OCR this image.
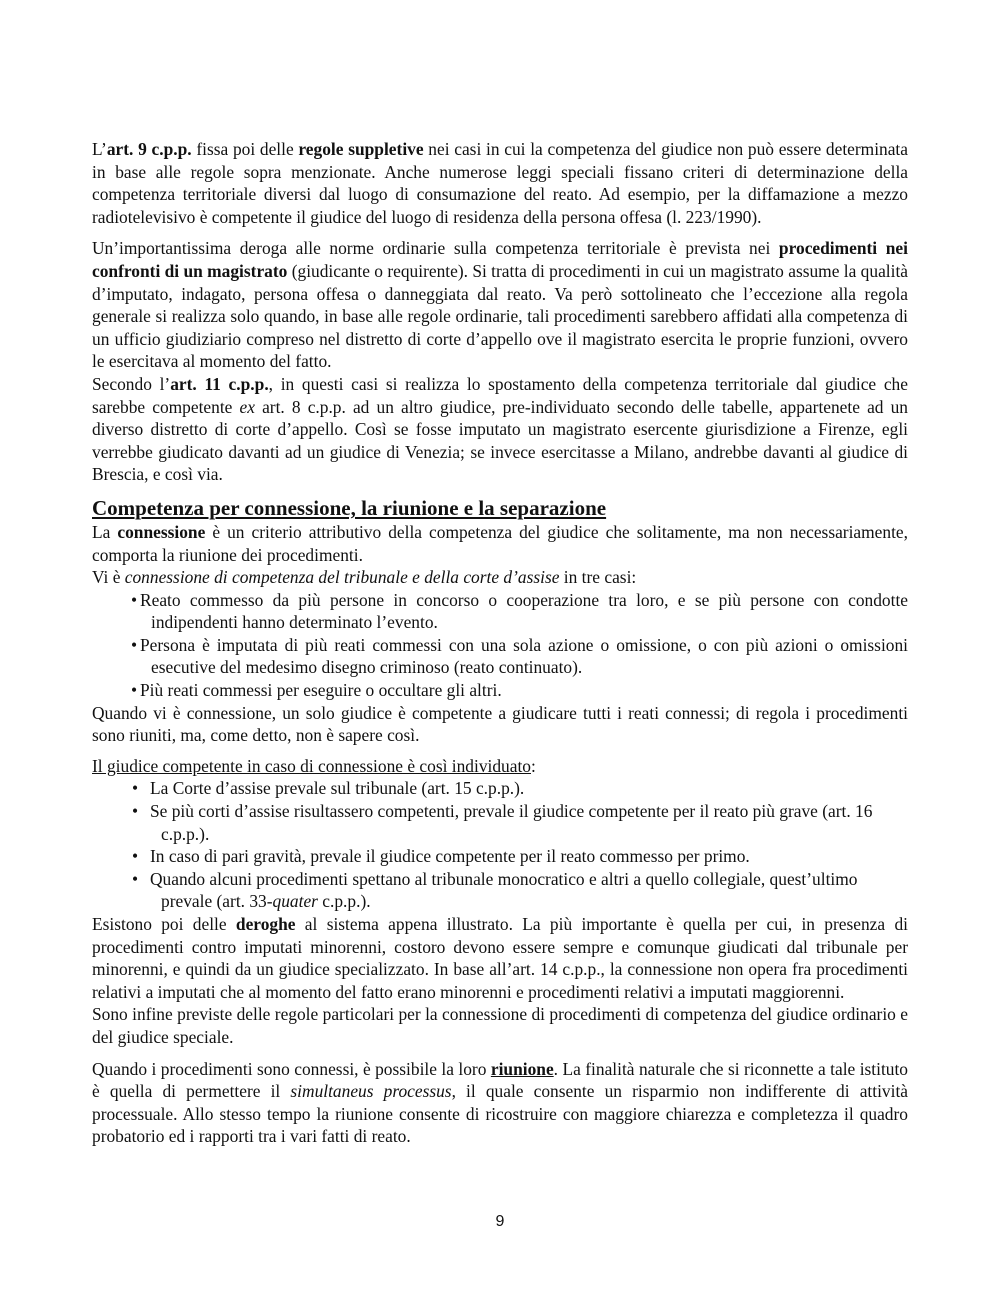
L’art. 9 c.p.p. fissa poi delle regole suppletive nei casi in cui la competenza del giudice non può essere determinata in base alle regole sopra menzionate. Anche numerose leggi speciali fissano criteri di determinazione della competenza territoriale diversi dal luogo di consumazione del reato. Ad esempio, per la diffamazione a mezzo radiotelevisivo è competente il giudice del luogo di residenza della persona offesa (l. 223/1990).

Un’importantissima deroga alle norme ordinarie sulla competenza territoriale è prevista nei procedimenti nei confronti di un magistrato (giudicante o requirente). Si tratta di procedimenti in cui un magistrato assume la qualità d’imputato, indagato, persona offesa o danneggiata dal reato. Va però sottolineato che l’eccezione alla regola generale si realizza solo quando, in base alle regole ordinarie, tali procedimenti sarebbero affidati alla competenza di un ufficio giudiziario compreso nel distretto di corte d’appello ove il magistrato esercita le proprie funzioni, ovvero le esercitava al momento del fatto.

Secondo l’art. 11 c.p.p., in questi casi si realizza lo spostamento della competenza territoriale dal giudice che sarebbe competente ex art. 8 c.p.p. ad un altro giudice, pre-individuato secondo delle tabelle, appartenete ad un diverso distretto di corte d’appello. Così se fosse imputato un magistrato esercente giurisdizione a Firenze, egli verrebbe giudicato davanti ad un giudice di Venezia; se invece esercitasse a Milano, andrebbe davanti al giudice di Brescia, e così via.

Competenza per connessione, la riunione e la separazione

La connessione è un criterio attributivo della competenza del giudice che solitamente, ma non necessariamente, comporta la riunione dei procedimenti.

Vi è connessione di competenza del tribunale e della corte d’assise in tre casi:

• Reato commesso da più persone in concorso o cooperazione tra loro, e se più persone con condotte indipendenti hanno determinato l’evento.
• Persona è imputata di più reati commessi con una sola azione o omissione, o con più azioni o omissioni esecutive del medesimo disegno criminoso (reato continuato).
• Più reati commessi per eseguire o occultare gli altri.

Quando vi è connessione, un solo giudice è competente a giudicare tutti i reati connessi; di regola i procedimenti sono riuniti, ma, come detto, non è sapere così.

Il giudice competente in caso di connessione è così individuato:

• La Corte d’assise prevale sul tribunale (art. 15 c.p.p.).
• Se più corti d’assise risultassero competenti, prevale il giudice competente per il reato più grave (art. 16 c.p.p.).
• In caso di pari gravità, prevale il giudice competente per il reato commesso per primo.
• Quando alcuni procedimenti spettano al tribunale monocratico e altri a quello collegiale, quest’ultimo prevale (art. 33-quater c.p.p.).

Esistono poi delle deroghe al sistema appena illustrato. La più importante è quella per cui, in presenza di procedimenti contro imputati minorenni, costoro devono essere sempre e comunque giudicati dal tribunale per minorenni, e quindi da un giudice specializzato. In base all’art. 14 c.p.p., la connessione non opera fra procedimenti relativi a imputati che al momento del fatto erano minorenni e procedimenti relativi a imputati maggiorenni.

Sono infine previste delle regole particolari per la connessione di procedimenti di competenza del giudice ordinario e del giudice speciale.

Quando i procedimenti sono connessi, è possibile la loro riunione. La finalità naturale che si riconnette a tale istituto è quella di permettere il simultaneus processus, il quale consente un risparmio non indifferente di attività processuale. Allo stesso tempo la riunione consente di ricostruire con maggiore chiarezza e completezza il quadro probatorio ed i rapporti tra i vari fatti di reato.

9
